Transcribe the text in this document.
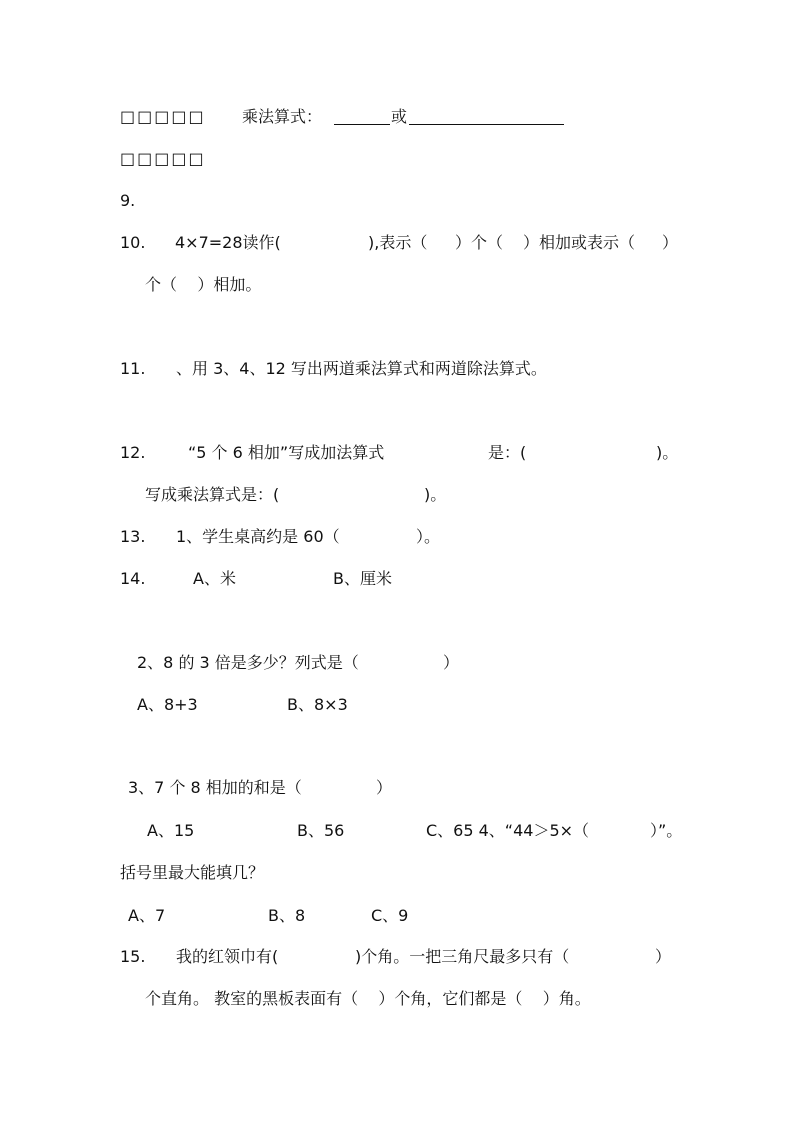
□□□□□ 乘法算式：	或
□□□□□
9.
10. 4×7=28读作(	),表示（ ）个（ ）相加或表示（ ）
个（    ）相加。
11. 、用 3、4、12 写出两道乘法算式和两道除法算式。
12.	“5 个 6 相加”写成加法算式	是：(	)。
写成乘法算式是：(	)。
13. 1、学生桌高约是 60（	）。
14.	A、米	B、厘米
2、8 的 3 倍是多少？列式是（	）
A、8+3	B、8×3
3、7 个 8 相加的和是（	）
A、15	B、56	C、65 4、“44＞5×（	）”。
括号里最大能填几？
A、7	B、8	C、9
15. 我的红领巾有(	)个角。一把三角尺最多只有（	）
个直角。 教室的黑板表面有（    ）个角，它们都是（    ）角。
